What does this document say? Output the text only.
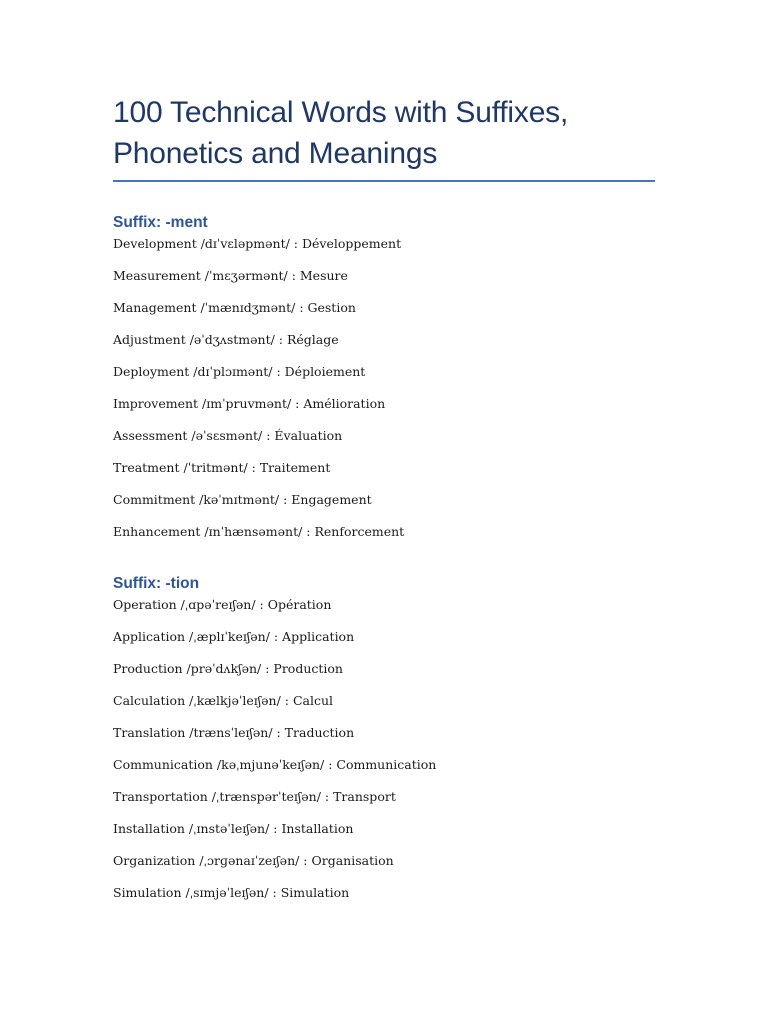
100 Technical Words with Suffixes,
Phonetics and Meanings
Suffix: -ment
Development /dɪˈvɛləpmənt/ : Développement
Measurement /ˈmɛʒərmənt/ : Mesure
Management /ˈmænɪdʒmənt/ : Gestion
Adjustment /əˈdʒʌstmənt/ : Réglage
Deployment /dɪˈplɔɪmənt/ : Déploiement
Improvement /ɪmˈpruvmənt/ : Amélioration
Assessment /əˈsɛsmənt/ : Évaluation
Treatment /ˈtritmənt/ : Traitement
Commitment /kəˈmɪtmənt/ : Engagement
Enhancement /ɪnˈhænsəmənt/ : Renforcement
Suffix: -tion
Operation /ˌɑpəˈreɪʃən/ : Opération
Application /ˌæplɪˈkeɪʃən/ : Application
Production /prəˈdʌkʃən/ : Production
Calculation /ˌkælkjəˈleɪʃən/ : Calcul
Translation /trænsˈleɪʃən/ : Traduction
Communication /kəˌmjunəˈkeɪʃən/ : Communication
Transportation /ˌtrænspərˈteɪʃən/ : Transport
Installation /ˌɪnstəˈleɪʃən/ : Installation
Organization /ˌɔrɡənaɪˈzeɪʃən/ : Organisation
Simulation /ˌsɪmjəˈleɪʃən/ : Simulation
